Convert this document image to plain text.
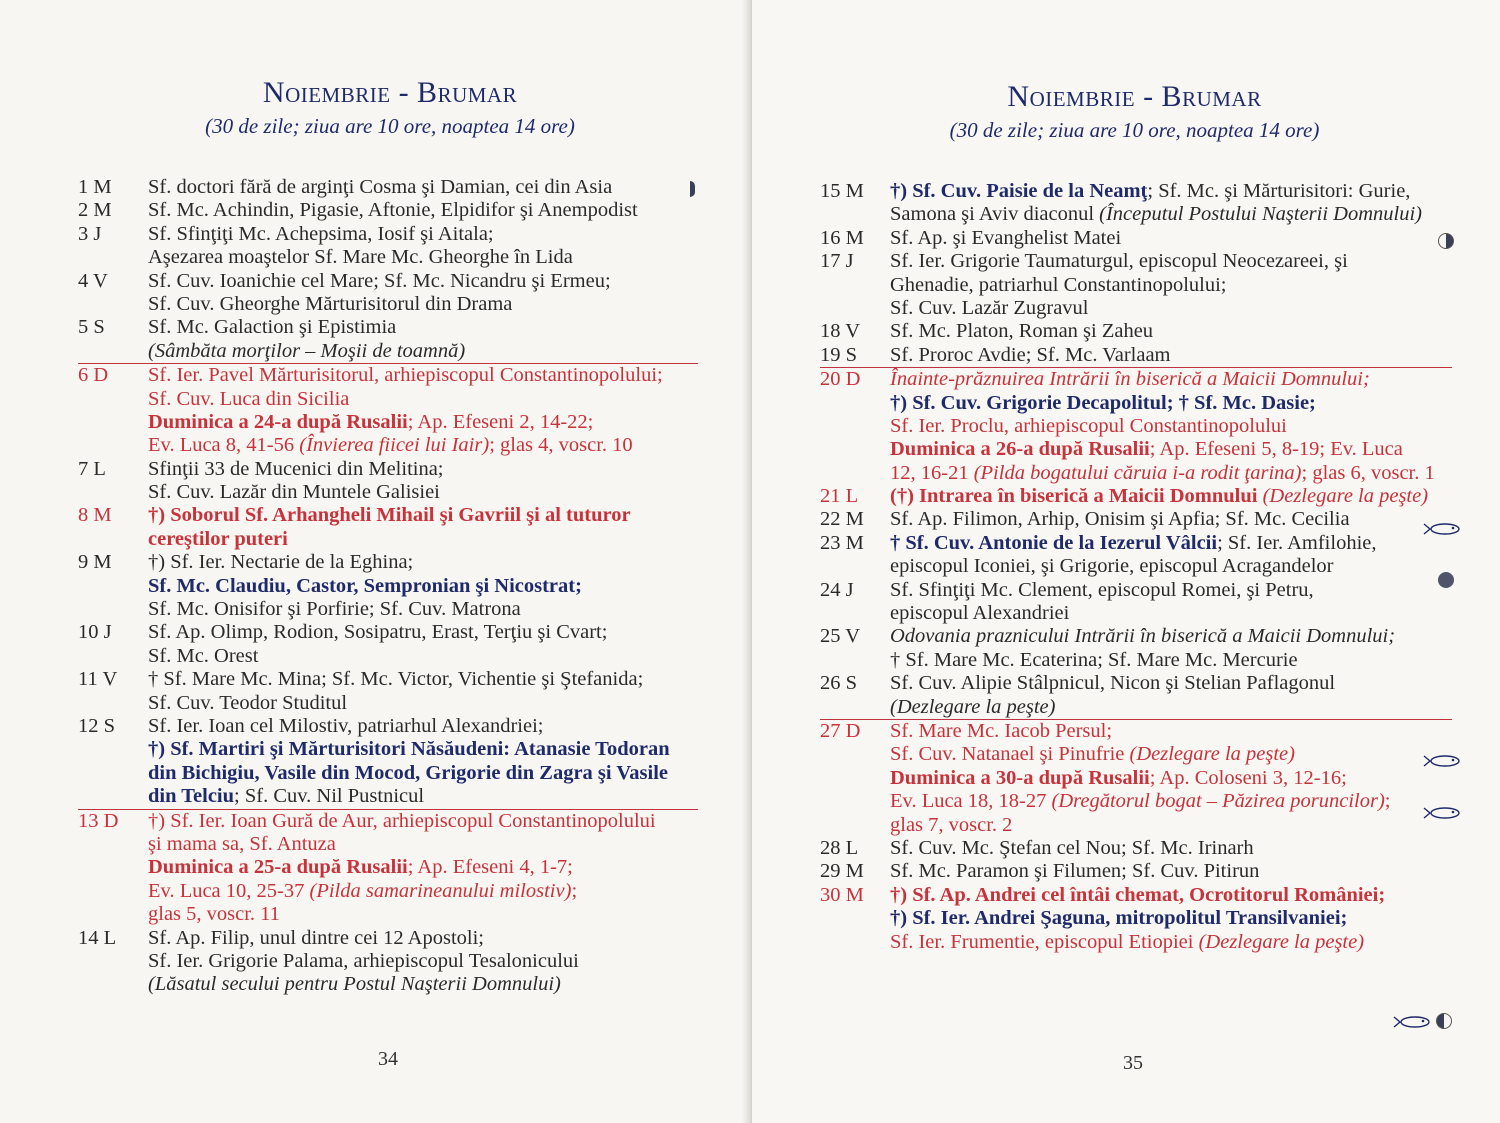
Noiembrie - Brumar
(30 de zile; ziua are 10 ore, noaptea 14 ore)
1 M Sf. doctori fără de arginţi Cosma şi Damian, cei din Asia
2 M Sf. Mc. Achindin, Pigasie, Aftonie, Elpidifor şi Anempodist
3 J Sf. Sfinţiţi Mc. Achepsima, Iosif şi Aitala;
Aşezarea moaştelor Sf. Mare Mc. Gheorghe în Lida
4 V Sf. Cuv. Ioanichie cel Mare; Sf. Mc. Nicandru şi Ermeu;
Sf. Cuv. Gheorghe Mărturisitorul din Drama
5 S Sf. Mc. Galaction şi Epistimia
(Sâmbăta morţilor – Moşii de toamnă)
6 D Sf. Ier. Pavel Mărturisitorul, arhiepiscopul Constantinopolului;
Sf. Cuv. Luca din Sicilia
Duminica a 24-a după Rusalii; Ap. Efeseni 2, 14-22;
Ev. Luca 8, 41-56 (Învierea fiicei lui Iair); glas 4, voscr. 10
7 L Sfinţii 33 de Mucenici din Melitina;
Sf. Cuv. Lazăr din Muntele Galisiei
8 M †) Soborul Sf. Arhangheli Mihail şi Gavriil şi al tuturor
cereştilor puteri
9 M †) Sf. Ier. Nectarie de la Eghina;
Sf. Mc. Claudiu, Castor, Sempronian şi Nicostrat;
Sf. Mc. Onisifor şi Porfirie; Sf. Cuv. Matrona
10 J Sf. Ap. Olimp, Rodion, Sosipatru, Erast, Terţiu şi Cvart;
Sf. Mc. Orest
11 V † Sf. Mare Mc. Mina; Sf. Mc. Victor, Vichentie şi Ştefanida;
Sf. Cuv. Teodor Studitul
12 S Sf. Ier. Ioan cel Milostiv, patriarhul Alexandriei;
†) Sf. Martiri şi Mărturisitori Năsăudeni: Atanasie Todoran
din Bichigiu, Vasile din Mocod, Grigorie din Zagra şi Vasile
din Telciu; Sf. Cuv. Nil Pustnicul
13 D †) Sf. Ier. Ioan Gură de Aur, arhiepiscopul Constantinopolului
şi mama sa, Sf. Antuza
Duminica a 25-a după Rusalii; Ap. Efeseni 4, 1-7;
Ev. Luca 10, 25-37 (Pilda samarineanului milostiv);
glas 5, voscr. 11
14 L Sf. Ap. Filip, unul dintre cei 12 Apostoli;
Sf. Ier. Grigorie Palama, arhiepiscopul Tesalonicului
(Lăsatul secului pentru Postul Naşterii Domnului)
34
Noiembrie - Brumar
(30 de zile; ziua are 10 ore, noaptea 14 ore)
15 M †) Sf. Cuv. Paisie de la Neamţ; Sf. Mc. şi Mărturisitori: Gurie,
Samona şi Aviv diaconul (Începutul Postului Naşterii Domnului)
16 M Sf. Ap. şi Evanghelist Matei
17 J Sf. Ier. Grigorie Taumaturgul, episcopul Neocezareei, şi
Ghenadie, patriarhul Constantinopolului;
Sf. Cuv. Lazăr Zugravul
18 V Sf. Mc. Platon, Roman şi Zaheu
19 S Sf. Proroc Avdie; Sf. Mc. Varlaam
20 D Înainte-prăznuirea Intrării în biserică a Maicii Domnului;
†) Sf. Cuv. Grigorie Decapolitul; † Sf. Mc. Dasie;
Sf. Ier. Proclu, arhiepiscopul Constantinopolului
Duminica a 26-a după Rusalii; Ap. Efeseni 5, 8-19; Ev. Luca
12, 16-21 (Pilda bogatului căruia i-a rodit ţarina); glas 6, voscr. 1
21 L (†) Intrarea în biserică a Maicii Domnului (Dezlegare la peşte)
22 M Sf. Ap. Filimon, Arhip, Onisim şi Apfia; Sf. Mc. Cecilia
23 M † Sf. Cuv. Antonie de la Iezerul Vâlcii; Sf. Ier. Amfilohie,
episcopul Iconiei, şi Grigorie, episcopul Acragandelor
24 J Sf. Sfinţiţi Mc. Clement, episcopul Romei, şi Petru,
episcopul Alexandriei
25 V Odovania praznicului Intrării în biserică a Maicii Domnului;
† Sf. Mare Mc. Ecaterina; Sf. Mare Mc. Mercurie
26 S Sf. Cuv. Alipie Stâlpnicul, Nicon şi Stelian Paflagonul
(Dezlegare la peşte)
27 D Sf. Mare Mc. Iacob Persul;
Sf. Cuv. Natanael şi Pinufrie (Dezlegare la peşte)
Duminica a 30-a după Rusalii; Ap. Coloseni 3, 12-16;
Ev. Luca 18, 18-27 (Dregătorul bogat – Păzirea poruncilor);
glas 7, voscr. 2
28 L Sf. Cuv. Mc. Ştefan cel Nou; Sf. Mc. Irinarh
29 M Sf. Mc. Paramon şi Filumen; Sf. Cuv. Pitirun
30 M †) Sf. Ap. Andrei cel întâi chemat, Ocrotitorul României;
†) Sf. Ier. Andrei Şaguna, mitropolitul Transilvaniei;
Sf. Ier. Frumentie, episcopul Etiopiei (Dezlegare la peşte)
35
